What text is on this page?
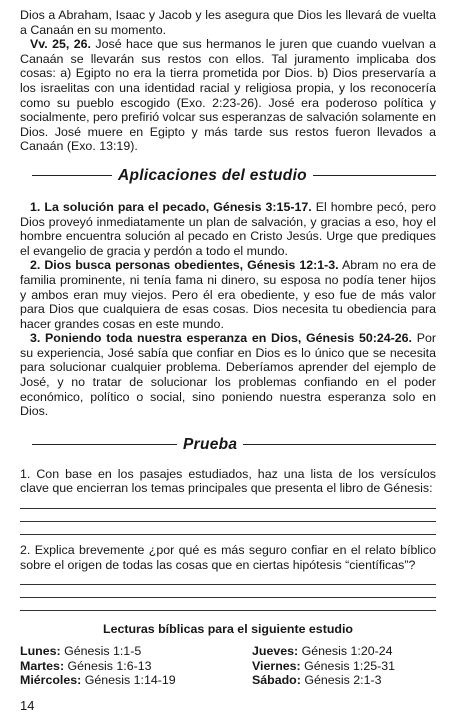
Dios a Abraham, Isaac y Jacob y les asegura que Dios les llevará de vuelta a Canaán en su momento.

Vv. 25, 26. José hace que sus hermanos le juren que cuando vuelvan a Canaán se llevarán sus restos con ellos. Tal juramento implicaba dos cosas: a) Egipto no era la tierra prometida por Dios. b) Dios preservaría a los israelitas con una identidad racial y religiosa propia, y los reconocería como su pueblo escogido (Exo. 2:23-26). José era poderoso política y socialmente, pero prefirió volcar sus esperanzas de salvación solamente en Dios. José muere en Egipto y más tarde sus restos fueron llevados a Canaán (Exo. 13:19).

Aplicaciones del estudio

1. La solución para el pecado, Génesis 3:15-17. El hombre pecó, pero Dios proveyó inmediatamente un plan de salvación, y gracias a eso, hoy el hombre encuentra solución al pecado en Cristo Jesús. Urge que prediques el evangelio de gracia y perdón a todo el mundo.

2. Dios busca personas obedientes, Génesis 12:1-3. Abram no era de familia prominente, ni tenía fama ni dinero, su esposa no podía tener hijos y ambos eran muy viejos. Pero él era obediente, y eso fue de más valor para Dios que cualquiera de esas cosas. Dios necesita tu obediencia para hacer grandes cosas en este mundo.

3. Poniendo toda nuestra esperanza en Dios, Génesis 50:24-26. Por su experiencia, José sabía que confiar en Dios es lo único que se necesita para solucionar cualquier problema. Deberíamos aprender del ejemplo de José, y no tratar de solucionar los problemas confiando en el poder económico, político o social, sino poniendo nuestra esperanza solo en Dios.

Prueba

1. Con base en los pasajes estudiados, haz una lista de los versículos clave que encierran los temas principales que presenta el libro de Génesis:

2. Explica brevemente ¿por qué es más seguro confiar en el relato bíblico sobre el origen de todas las cosas que en ciertas hipótesis “científicas”?

Lecturas bíblicas para el siguiente estudio
Lunes: Génesis 1:1-5	Jueves: Génesis 1:20-24
Martes: Génesis 1:6-13	Viernes: Génesis 1:25-31
Miércoles: Génesis 1:14-19	Sábado: Génesis 2:1-3
14
